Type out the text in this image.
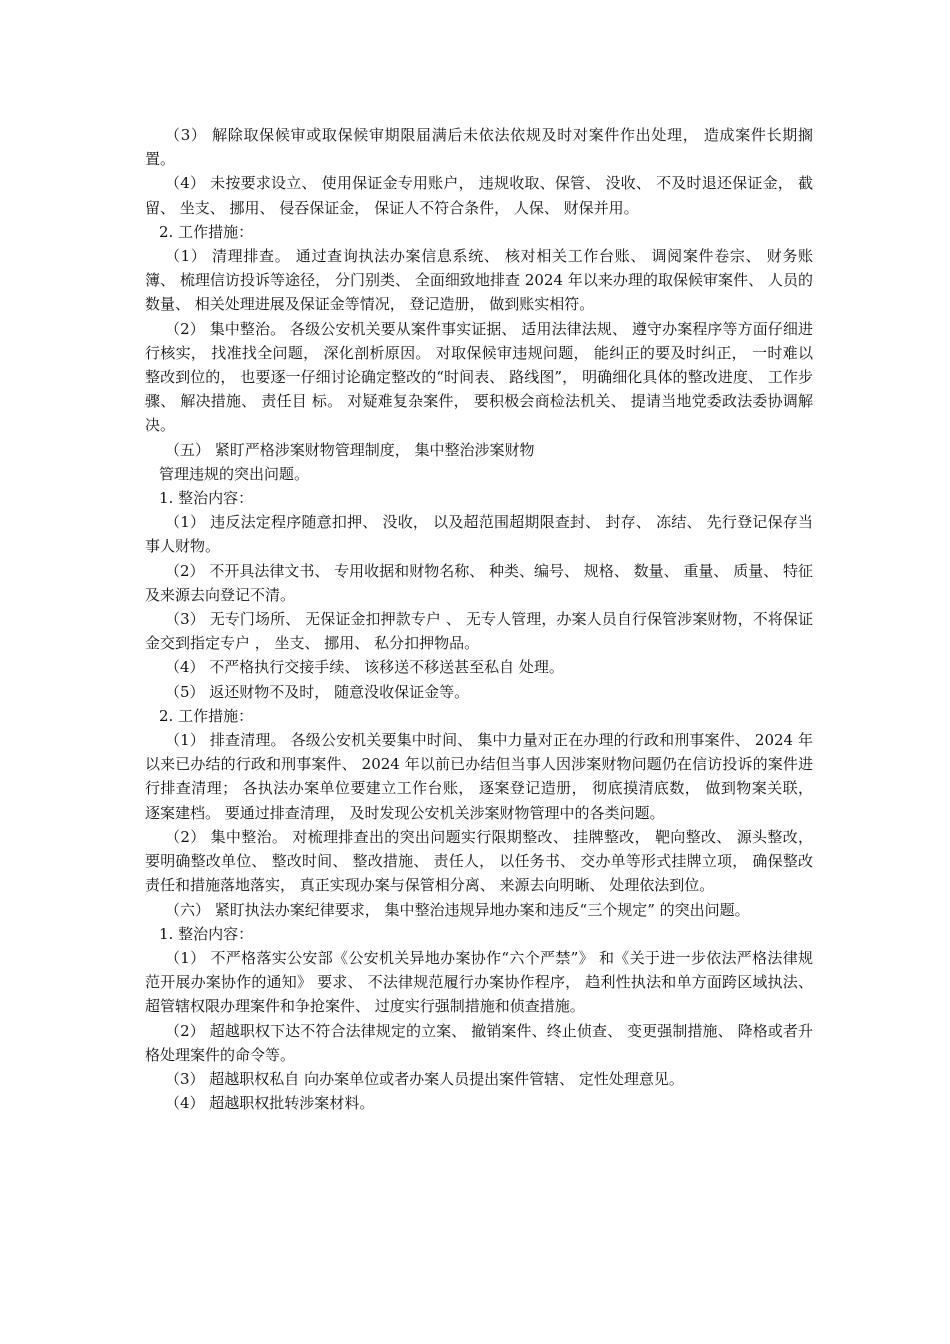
（3） 解除取保候审或取保候审期限届满后未依法依规及时对案件作出处理， 造成案件长期搁置。

（4） 未按要求设立、 使用保证金专用账户， 违规收取、保管、 没收、 不及时退还保证金， 截留、 坐支、 挪用、 侵吞保证金， 保证人不符合条件， 人保、 财保并用。

2. 工作措施：

（1） 清理排查。 通过查询执法办案信息系统、 核对相关工作台账、 调阅案件卷宗、 财务账簿、 梳理信访投诉等途径， 分门别类、 全面细致地排查 2024 年以来办理的取保候审案件、 人员的数量、 相关处理进展及保证金等情况， 登记造册， 做到账实相符。

（2） 集中整治。 各级公安机关要从案件事实证据、 适用法律法规、 遵守办案程序等方面仔细进行核实， 找准找全问题， 深化剖析原因。 对取保候审违规问题， 能纠正的要及时纠正， 一时难以整改到位的， 也要逐一仔细讨论确定整改的“时间表、 路线图”， 明确细化具体的整改进度、 工作步骤、 解决措施、 责任目 标。 对疑难复杂案件， 要积极会商检法机关、 提请当地党委政法委协调解决。

（五） 紧盯严格涉案财物管理制度， 集中整治涉案财物

管理违规的突出问题。

1. 整治内容：

（1） 违反法定程序随意扣押、 没收， 以及超范围超期限查封、 封存、 冻结、 先行登记保存当事人财物。

（2） 不开具法律文书、 专用收据和财物名称、 种类、编号、 规格、 数量、 重量、 质量、 特征及来源去向登记不清。

（3） 无专门场所、 无保证金扣押款专户 、 无专人管理，办案人员自行保管涉案财物，不将保证金交到指定专户 ， 坐支、 挪用、 私分扣押物品。

（4） 不严格执行交接手续、 该移送不移送甚至私自 处理。

（5） 返还财物不及时， 随意没收保证金等。

2. 工作措施：

（1） 排查清理。 各级公安机关要集中时间、 集中力量对正在办理的行政和刑事案件、 2024 年以来已办结的行政和刑事案件、 2024 年以前已办结但当事人因涉案财物问题仍在信访投诉的案件进行排查清理； 各执法办案单位要建立工作台账， 逐案登记造册， 彻底摸清底数， 做到物案关联， 逐案建档。 要通过排查清理， 及时发现公安机关涉案财物管理中的各类问题。

（2） 集中整治。 对梳理排查出的突出问题实行限期整改、 挂牌整改， 靶向整改、 源头整改， 要明确整改单位、 整改时间、 整改措施、 责任人， 以任务书、 交办单等形式挂牌立项， 确保整改责任和措施落地落实， 真正实现办案与保管相分离、 来源去向明晰、 处理依法到位。

（六） 紧盯执法办案纪律要求， 集中整治违规异地办案和违反“三个规定” 的突出问题。

1. 整治内容：

（1） 不严格落实公安部《公安机关异地办案协作“六个严禁”》 和《关于进一步依法严格法律规范开展办案协作的通知》 要求、 不法律规范履行办案协作程序， 趋利性执法和单方面跨区域执法、 超管辖权限办理案件和争抢案件、 过度实行强制措施和侦查措施。

（2） 超越职权下达不符合法律规定的立案、 撤销案件、终止侦查、 变更强制措施、 降格或者升格处理案件的命令等。

（3） 超越职权私自 向办案单位或者办案人员提出案件管辖、 定性处理意见。

（4） 超越职权批转涉案材料。
